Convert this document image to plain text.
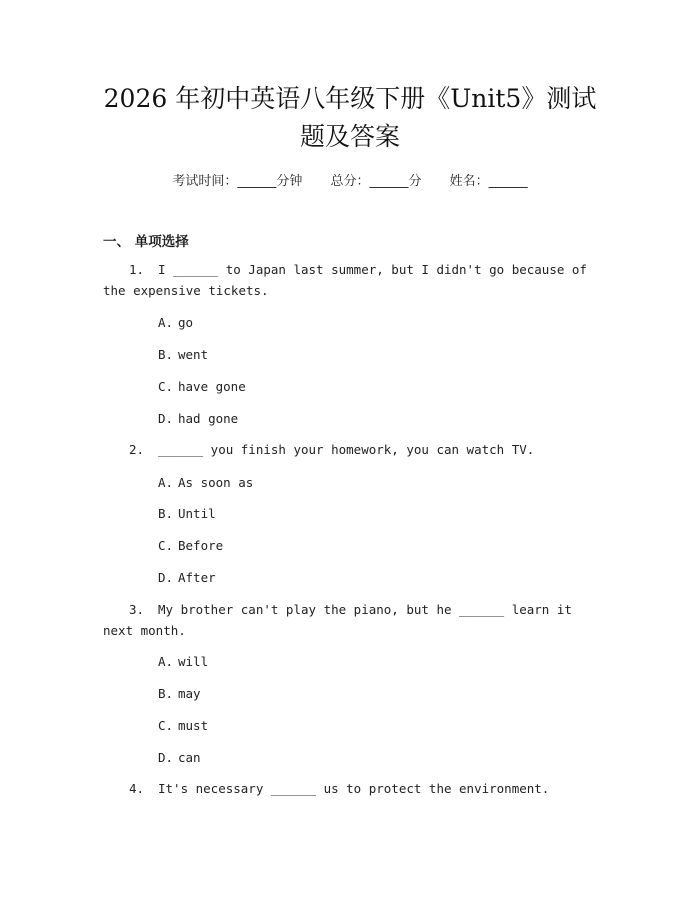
2026 年初中英语八年级下册《Unit5》测试
题及答案
考试时间：______分钟 总分：______分 姓名：______
一、 单项选择
1. I ______ to Japan last summer, but I didn't go because of the expensive tickets.
A. go
B. went
C. have gone
D. had gone
2. ______ you finish your homework, you can watch TV.
A. As soon as
B. Until
C. Before
D. After
3. My brother can't play the piano, but he ______ learn it next month.
A. will
B. may
C. must
D. can
4. It's necessary ______ us to protect the environment.
